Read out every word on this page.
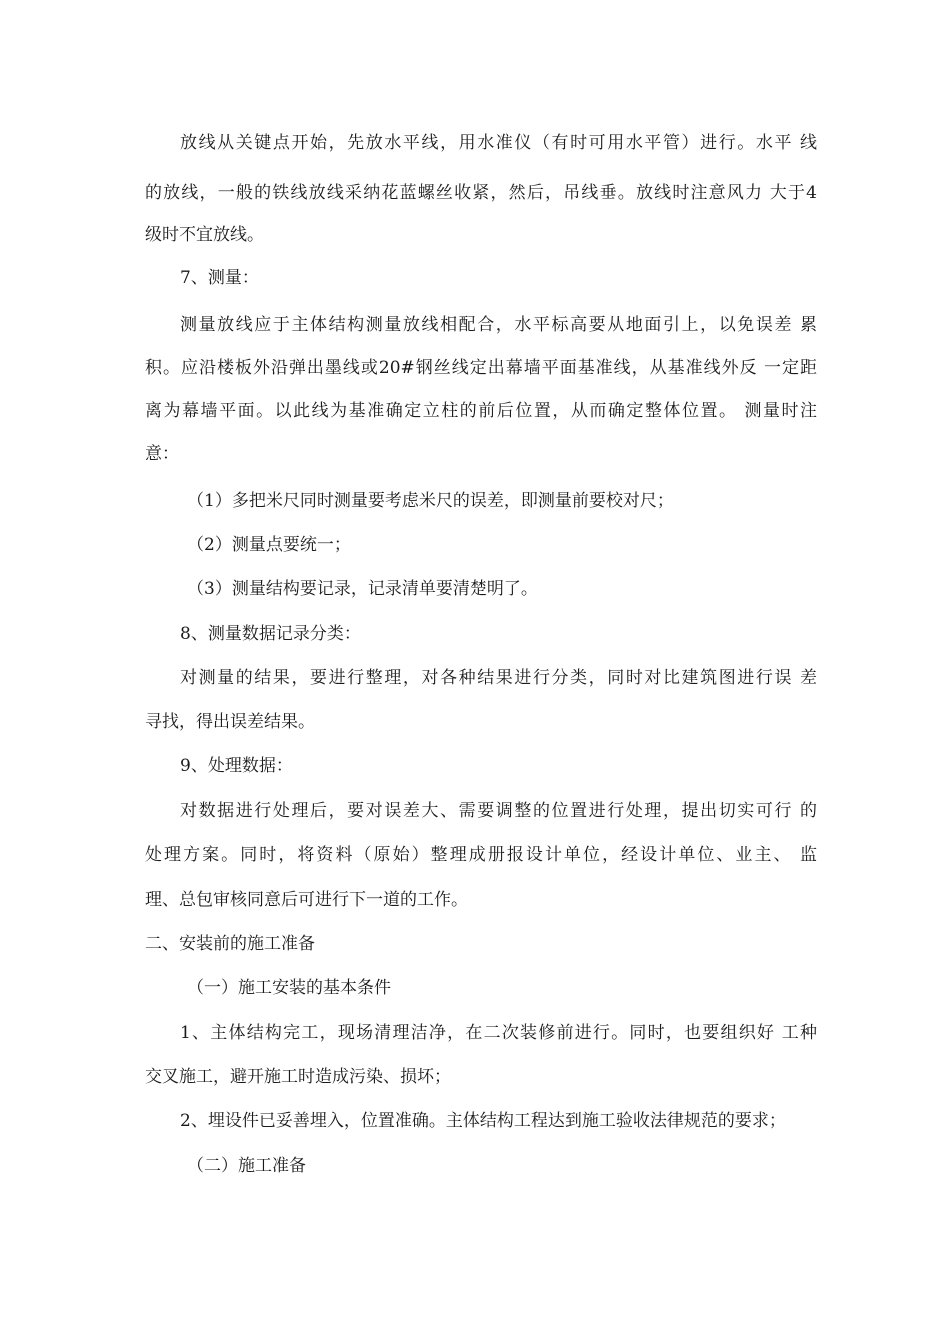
放线从关键点开始，先放水平线，用水准仪（有时可用水平管）进行。水平 线
的放线，一般的铁线放线采纳花蓝螺丝收紧，然后，吊线垂。放线时注意风力 大于4
级时不宜放线。
7、测量：
测量放线应于主体结构测量放线相配合，水平标高要从地面引上，以免误差 累
积。应沿楼板外沿弹出墨线或20#钢丝线定出幕墙平面基准线，从基准线外反 一定距
离为幕墙平面。以此线为基准确定立柱的前后位置，从而确定整体位置。 测量时注
意：
（1）多把米尺同时测量要考虑米尺的误差，即测量前要校对尺；
（2）测量点要统一；
（3）测量结构要记录，记录清单要清楚明了。
8、测量数据记录分类：
对测量的结果，要进行整理，对各种结果进行分类，同时对比建筑图进行误 差
寻找，得出误差结果。
9、处理数据：
对数据进行处理后，要对误差大、需要调整的位置进行处理，提出切实可行 的
处理方案。同时，将资料（原始）整理成册报设计单位，经设计单位、业主、 监
理、总包审核同意后可进行下一道的工作。
二、安装前的施工准备
（一）施工安装的基本条件
1、主体结构完工，现场清理洁净，在二次装修前进行。同时，也要组织好 工种
交叉施工，避开施工时造成污染、损坏；
2、埋设件已妥善埋入，位置准确。主体结构工程达到施工验收法律规范的要求；
（二）施工准备
